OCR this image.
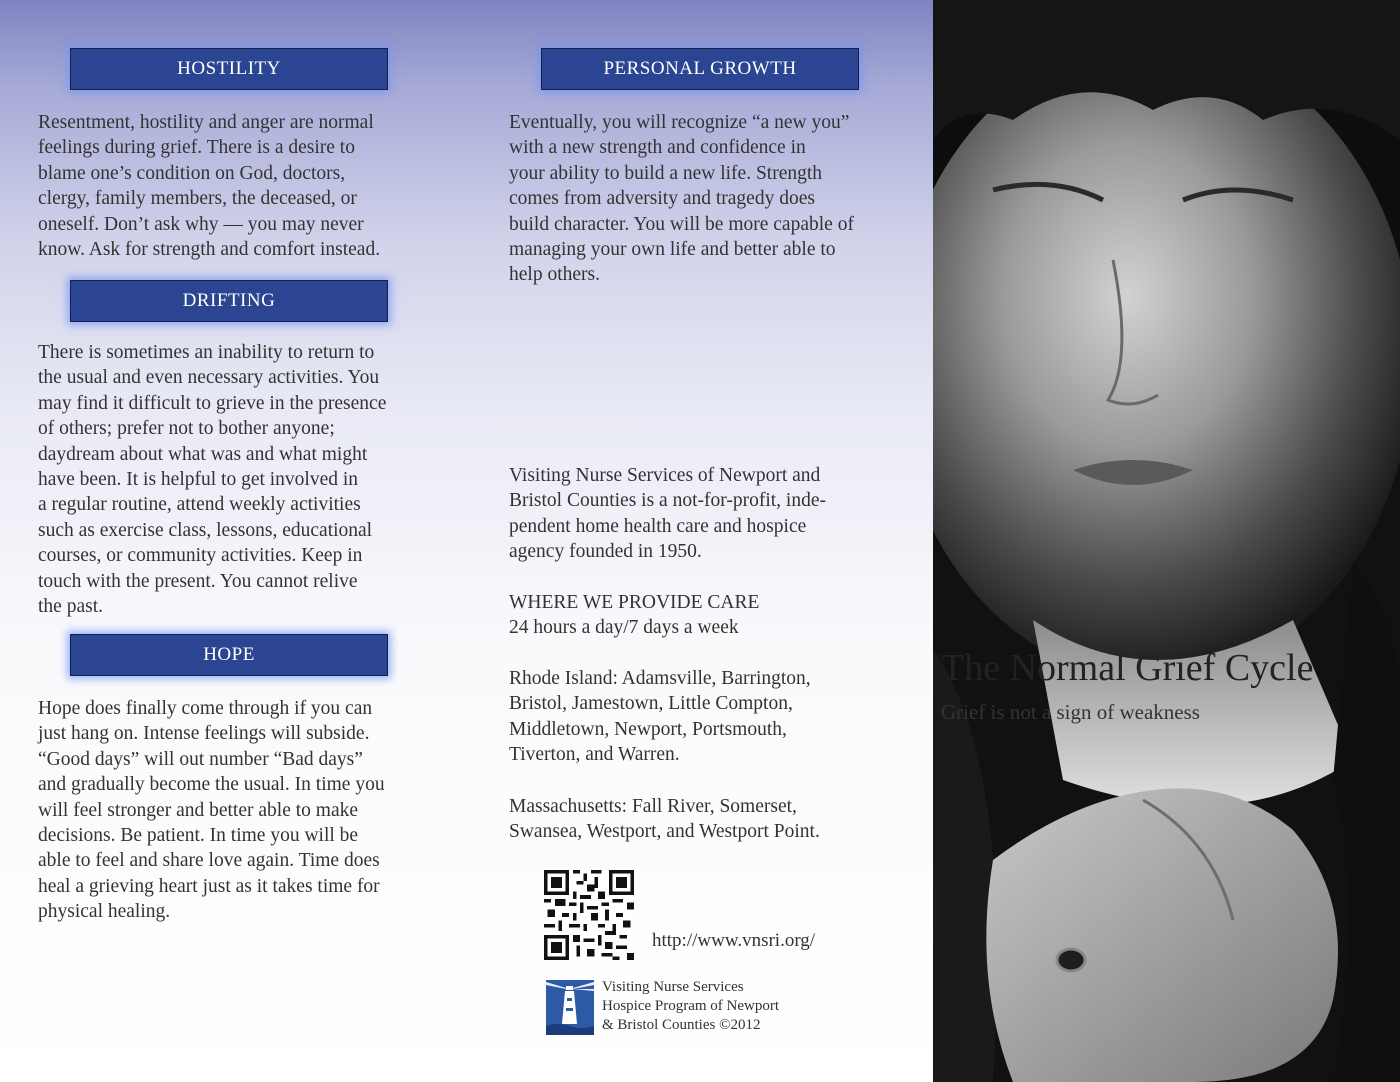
HOSTILITY
Resentment, hostility and anger are normal
feelings during grief. There is a desire to
blame one’s condition on God, doctors,
clergy, family members, the deceased, or
oneself. Don’t ask why — you may never
know. Ask for strength and comfort instead.
DRIFTING
There is sometimes an inability to return to
the usual and even necessary activities. You
may find it difficult to grieve in the presence
of others; prefer not to bother anyone;
daydream about what was and what might
have been. It is helpful to get involved in
a regular routine, attend weekly activities
such as exercise class, lessons, educational
courses, or community activities. Keep in
touch with the present. You cannot relive
the past.
HOPE
Hope does finally come through if you can
just hang on. Intense feelings will subside.
“Good days” will out number “Bad days”
and gradually become the usual. In time you
will feel stronger and better able to make
decisions. Be patient. In time you will be
able to feel and share love again. Time does
heal a grieving heart just as it takes time for
physical healing.
PERSONAL GROWTH
Eventually, you will recognize “a new you”
with a new strength and confidence in
your ability to build a new life. Strength
comes from adversity and tragedy does
build character. You will be more capable of
managing your own life and better able to
help others.
Visiting Nurse Services of Newport and
Bristol Counties is a not-for-profit, inde-
pendent home health care and hospice
agency founded in 1950.
WHERE WE PROVIDE CARE
24 hours a day/7 days a week
Rhode Island: Adamsville, Barrington,
Bristol, Jamestown, Little Compton,
Middletown, Newport, Portsmouth,
Tiverton, and Warren.
Massachusetts: Fall River, Somerset,
Swansea, Westport, and Westport Point.
http://www.vnsri.org/
Visiting Nurse Services
Hospice Program of Newport
& Bristol Counties ©2012
The Normal Grief Cycle

Grief is not a sign of weakness
